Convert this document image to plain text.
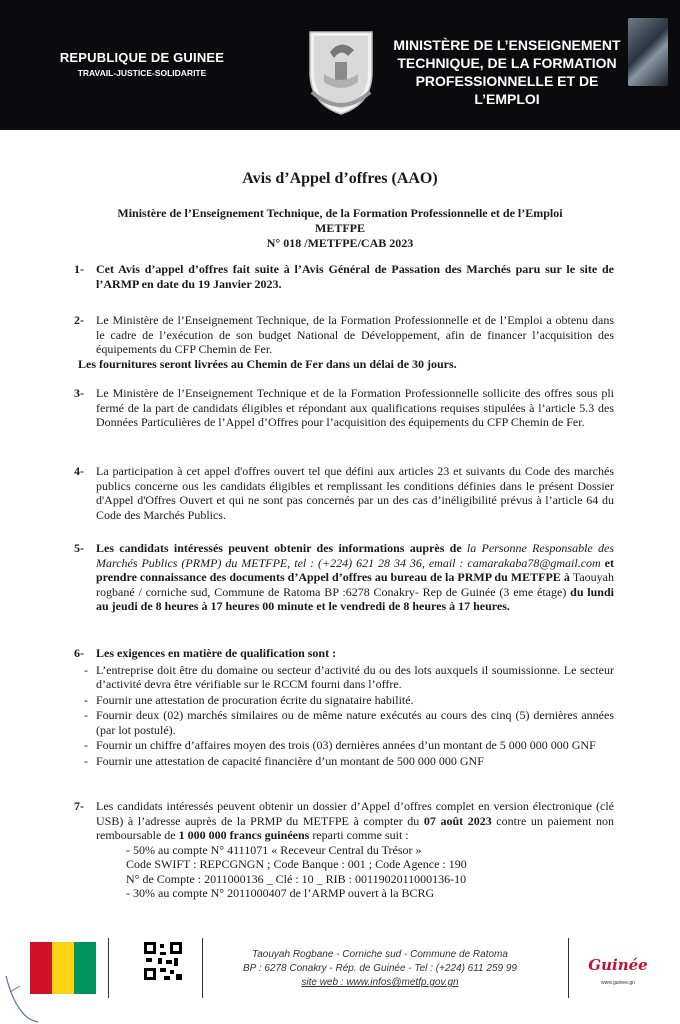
REPUBLIQUE DE GUINEE
TRAVAIL-JUSTICE-SOLIDARITE
MINISTÈRE DE L’ENSEIGNEMENT
TECHNIQUE, DE LA FORMATION
PROFESSIONNELLE ET DE L’EMPLOI
Avis d’Appel d’offres (AAO)
Ministère de l’Enseignement Technique, de la Formation Professionnelle et de l’Emploi
METFPE
N° 018 /METFPE/CAB 2023
1- Cet Avis d’appel d’offres fait suite à l’Avis Général de Passation des Marchés paru sur le site de l’ARMP en date du 19 Janvier 2023.
2- Le Ministère de l’Enseignement Technique, de la Formation Professionnelle et de l’Emploi a obtenu dans le cadre de l’exécution de son budget National de Développement, afin de financer l’acquisition des équipements du CFP Chemin de Fer.
Les fournitures seront livrées au Chemin de Fer dans un délai de 30 jours.
3- Le Ministère de l’Enseignement Technique et de la Formation Professionnelle sollicite des offres sous pli fermé de la part de candidats éligibles et répondant aux qualifications requises stipulées à l’article 5.3 des Données Particulières de l’Appel d’Offres pour l’acquisition des équipements du CFP Chemin de Fer.
4- La participation à cet appel d'offres ouvert tel que défini aux articles 23 et suivants du Code des marchés publics concerne ous les candidats éligibles et remplissant les conditions définies dans le présent Dossier d'Appel d'Offres Ouvert et qui ne sont pas concernés par un des cas d’inéligibilité prévus à l’article 64 du Code des Marchés Publics.
5- Les candidats intéressés peuvent obtenir des informations auprès de la Personne Responsable des Marchés Publics (PRMP) du METFPE, tel : (+224) 621 28 34 36, email : camarakaba78@gmail.com et prendre connaissance des documents d’Appel d’offres au bureau de la PRMP du METFPE à Taouyah rogbané / corniche sud, Commune de Ratoma BP :6278 Conakry- Rep de Guinée (3 eme étage) du lundi au jeudi de 8 heures à 17 heures 00 minute et le vendredi de 8 heures à 17 heures.
6- Les exigences en matière de qualification sont :
- L’entreprise doit être du domaine ou secteur d’activité du ou des lots auxquels il soumissionne. Le secteur d’activité devra être vérifiable sur le RCCM fourni dans l’offre.
- Fournir une attestation de procuration écrite du signataire habilité.
- Fournir deux (02) marchés similaires ou de même nature exécutés au cours des cinq (5) dernières années (par lot postulé).
- Fournir un chiffre d’affaires moyen des trois (03) dernières années d’un montant de 5 000 000 000 GNF
- Fournir une attestation de capacité financière d’un montant de 500 000 000 GNF
7- Les candidats intéressés peuvent obtenir un dossier d’Appel d’offres complet en version électronique (clé USB) à l’adresse auprès de la PRMP du METFPE à compter du 07 août 2023 contre un paiement non remboursable de 1 000 000 francs guinéens reparti comme suit :
- 50% au compte N° 4111071 « Receveur Central du Trésor »
Code SWIFT : REPCGNGN ; Code Banque : 001 ; Code Agence : 190
N° de Compte : 2011000136 _ Clé : 10 _ RIB : 0011902011000136-10
- 30% au compte N° 2011000407 de l’ARMP ouvert à la BCRG
Taouyah Rogbane - Corniche sud - Commune de Ratoma
BP : 6278 Conakry - Rép. de Guinée - Tel : (+224) 611 259 99
site web : www.infos@metfp.gov.gn
Guinée
www.guinee.gn
